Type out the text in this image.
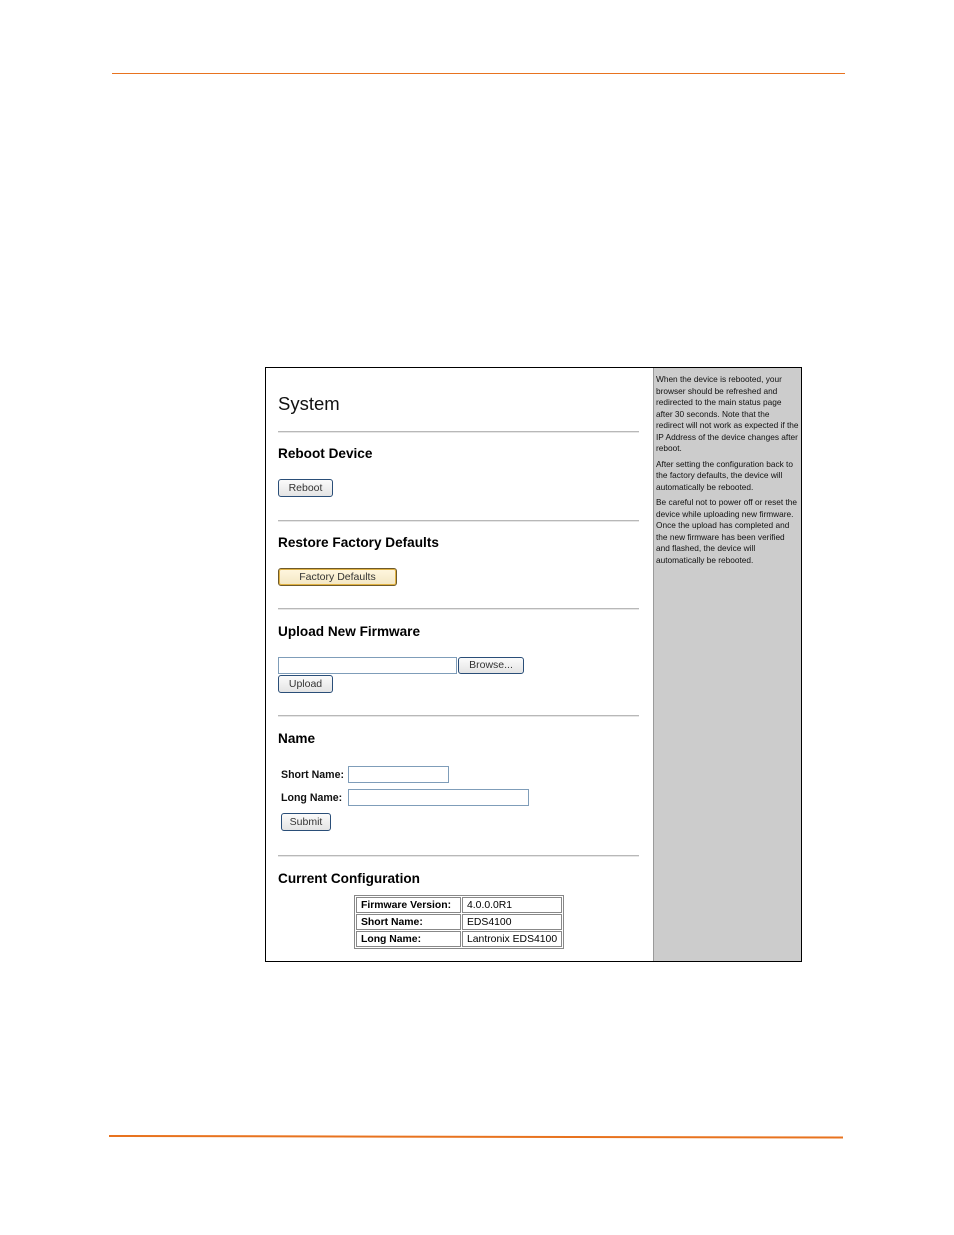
System
Reboot Device
Reboot
Restore Factory Defaults
Factory Defaults
Upload New Firmware
Browse...
Upload
Name
Short Name:
Long Name:
Submit
Current Configuration
Firmware Version:	4.0.0.0R1
Short Name:	EDS4100
Long Name:	Lantronix EDS4100

When the device is rebooted, your browser should be refreshed and redirected to the main status page after 30 seconds. Note that the redirect will not work as expected if the IP Address of the device changes after reboot.

After setting the configuration back to the factory defaults, the device will automatically be rebooted.

Be careful not to power off or reset the device while uploading new firmware. Once the upload has completed and the new firmware has been verified and flashed, the device will automatically be rebooted.
